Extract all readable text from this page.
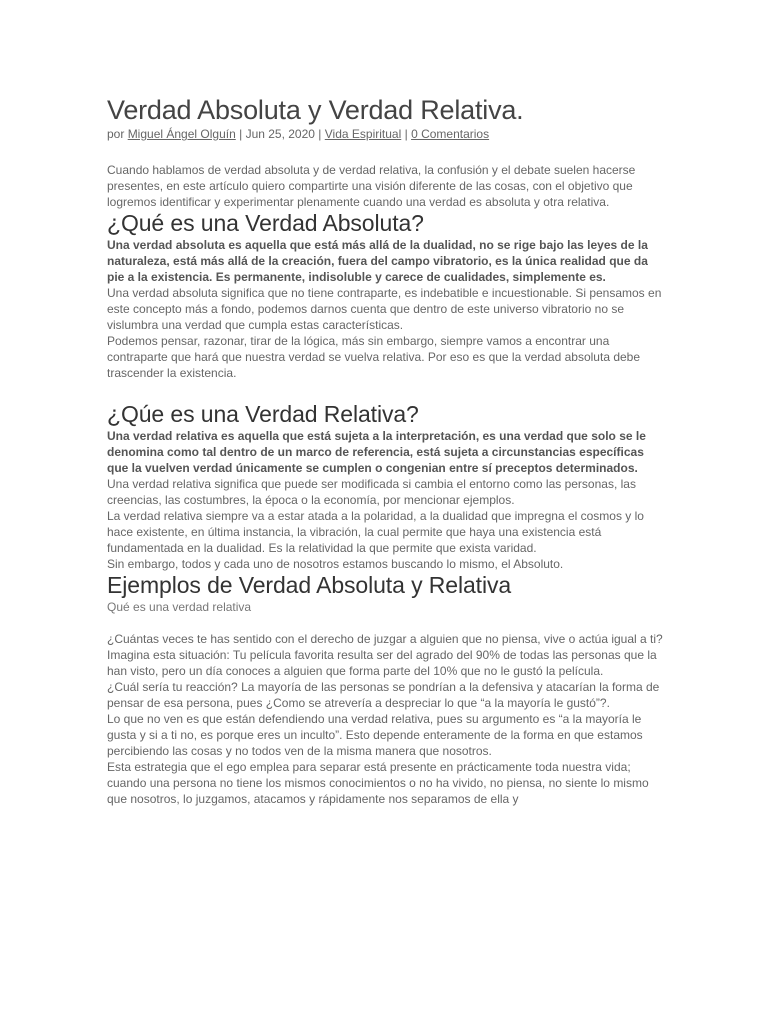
Verdad Absoluta y Verdad Relativa.

por Miguel Ángel Olguín | Jun 25, 2020 | Vida Espiritual | 0 Comentarios

Cuando hablamos de verdad absoluta y de verdad relativa, la confusión y el debate suelen hacerse presentes, en este artículo quiero compartirte una visión diferente de las cosas, con el objetivo que logremos identificar y experimentar plenamente cuando una verdad es absoluta y otra relativa.

¿Qué es una Verdad Absoluta?

Una verdad absoluta es aquella que está más allá de la dualidad, no se rige bajo las leyes de la naturaleza, está más allá de la creación, fuera del campo vibratorio, es la única realidad que da pie a la existencia. Es permanente, indisoluble y carece de cualidades, simplemente es.

Una verdad absoluta significa que no tiene contraparte, es indebatible e incuestionable. Si pensamos en este concepto más a fondo, podemos darnos cuenta que dentro de este universo vibratorio no se vislumbra una verdad que cumpla estas características.

Podemos pensar, razonar, tirar de la lógica, más sin embargo, siempre vamos a encontrar una contraparte que hará que nuestra verdad se vuelva relativa. Por eso es que la verdad absoluta debe trascender la existencia.

¿Qúe es una Verdad Relativa?

Una verdad relativa es aquella que está sujeta a la interpretación, es una verdad que solo se le denomina como tal dentro de un marco de referencia, está sujeta a circunstancias específicas que la vuelven verdad únicamente se cumplen o congenian entre sí preceptos determinados.

Una verdad relativa significa que puede ser modificada si cambia el entorno como las personas, las creencias, las costumbres, la época o la economía, por mencionar ejemplos.

La verdad relativa siempre va a estar atada a la polaridad, a la dualidad que impregna el cosmos y lo hace existente, en última instancia, la vibración, la cual permite que haya una existencia está fundamentada en la dualidad. Es la relatividad la que permite que exista varidad.

Sin embargo, todos y cada uno de nosotros estamos buscando lo mismo, el Absoluto.

Ejemplos de Verdad Absoluta y Relativa

Qué es una verdad relativa

¿Cuántas veces te has sentido con el derecho de juzgar a alguien que no piensa, vive o actúa igual a ti?

Imagina esta situación: Tu película favorita resulta ser del agrado del 90% de todas las personas que la han visto, pero un día conoces a alguien que forma parte del 10% que no le gustó la película.

¿Cuál sería tu reacción? La mayoría de las personas se pondrían a la defensiva y atacarían la forma de pensar de esa persona, pues ¿Como se atrevería a despreciar lo que “a la mayoría le gustó”?.

Lo que no ven es que están defendiendo una verdad relativa, pues su argumento es “a la mayoría le gusta y si a ti no, es porque eres un inculto”. Esto depende enteramente de la forma en que estamos percibiendo las cosas y no todos ven de la misma manera que nosotros.

Esta estrategia que el ego emplea para separar está presente en prácticamente toda nuestra vida; cuando una persona no tiene los mismos conocimientos o no ha vivido, no piensa, no siente lo mismo que nosotros, lo juzgamos, atacamos y rápidamente nos separamos de ella y
